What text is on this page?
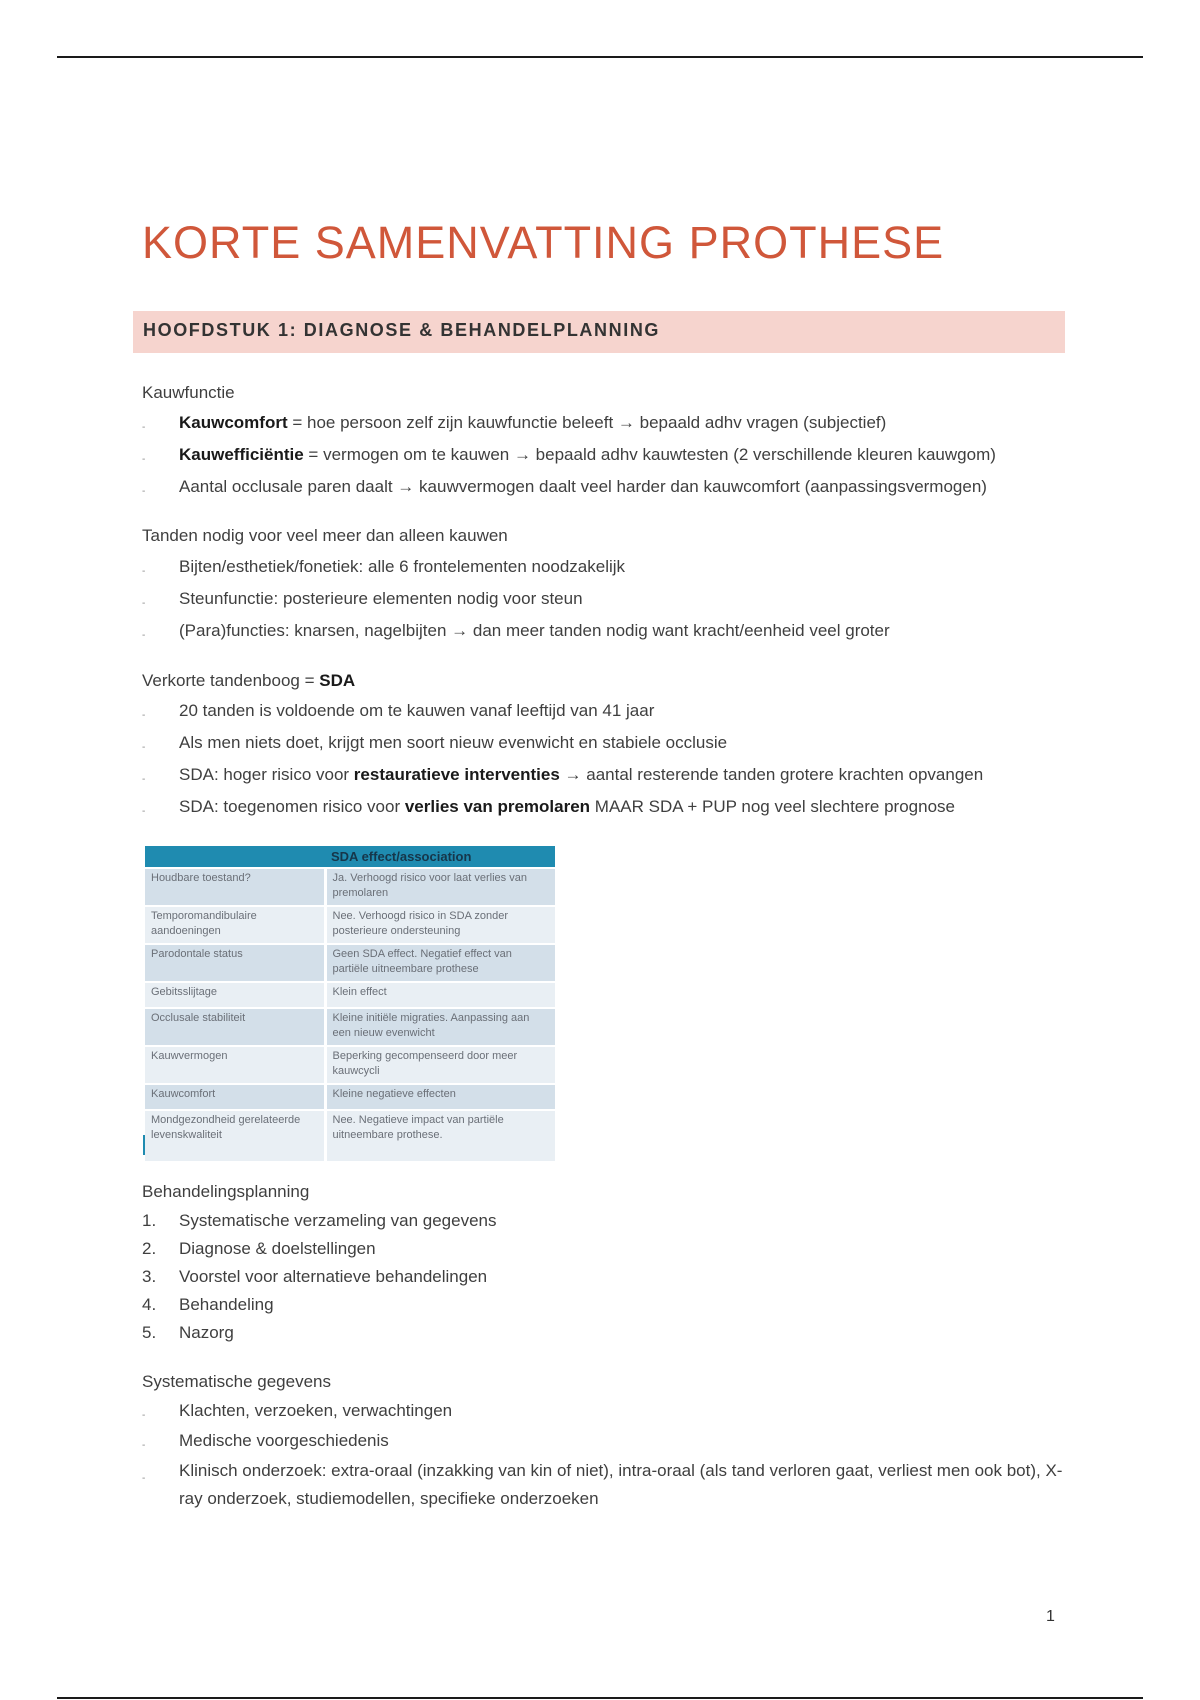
KORTE SAMENVATTING PROTHESE
HOOFDSTUK 1: DIAGNOSE & BEHANDELPLANNING
Kauwfunctie
-	Kauwcomfort = hoe persoon zelf zijn kauwfunctie beleeft → bepaald adhv vragen (subjectief)
-	Kauwefficiëntie = vermogen om te kauwen → bepaald adhv kauwtesten (2 verschillende kleuren kauwgom)
-	Aantal occlusale paren daalt → kauwvermogen daalt veel harder dan kauwcomfort (aanpassingsvermogen)
Tanden nodig voor veel meer dan alleen kauwen
-	Bijten/esthetiek/fonetiek: alle 6 frontelementen noodzakelijk
-	Steunfunctie: posterieure elementen nodig voor steun
-	(Para)functies: knarsen, nagelbijten → dan meer tanden nodig want kracht/eenheid veel groter
Verkorte tandenboog = SDA
-	20 tanden is voldoende om te kauwen vanaf leeftijd van 41 jaar
-	Als men niets doet, krijgt men soort nieuw evenwicht en stabiele occlusie
-	SDA: hoger risico voor restauratieve interventies → aantal resterende tanden grotere krachten opvangen
-	SDA: toegenomen risico voor verlies van premolaren MAAR SDA + PUP nog veel slechtere prognose
	SDA effect/association
Houdbare toestand?	Ja. Verhoogd risico voor laat verlies van premolaren
Temporomandibulaire aandoeningen	Nee. Verhoogd risico in SDA zonder posterieure ondersteuning
Parodontale status	Geen SDA effect. Negatief effect van partiële uitneembare prothese
Gebitsslijtage	Klein effect
Occlusale stabiliteit	Kleine initiële migraties. Aanpassing aan een nieuw evenwicht
Kauwvermogen	Beperking gecompenseerd door meer kauwcycli
Kauwcomfort	Kleine negatieve effecten
Mondgezondheid gerelateerde levenskwaliteit	Nee. Negatieve impact van partiële uitneembare prothese.
Behandelingsplanning
1.	Systematische verzameling van gegevens
2.	Diagnose & doelstellingen
3.	Voorstel voor alternatieve behandelingen
4.	Behandeling
5.	Nazorg
Systematische gegevens
-	Klachten, verzoeken, verwachtingen
-	Medische voorgeschiedenis
-	Klinisch onderzoek: extra-oraal (inzakking van kin of niet), intra-oraal (als tand verloren gaat, verliest men ook bot), X-ray onderzoek, studiemodellen, specifieke onderzoeken
1
